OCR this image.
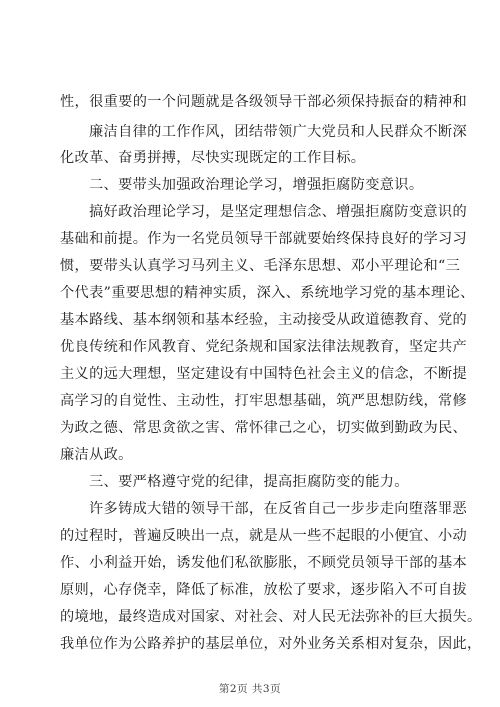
性，很重要的一个问题就是各级领导干部必须保持振奋的精神和
廉洁自律的工作作风，团结带领广大党员和人民群众不断深
化改革、奋勇拼搏，尽快实现既定的工作目标。
二、要带头加强政治理论学习，增强拒腐防变意识。
搞好政治理论学习，是坚定理想信念、增强拒腐防变意识的
基础和前提。作为一名党员领导干部就要始终保持良好的学习习
惯，要带头认真学习马列主义、毛泽东思想、邓小平理论和“三
个代表”重要思想的精神实质，深入、系统地学习党的基本理论、
基本路线、基本纲领和基本经验，主动接受从政道德教育、党的
优良传统和作风教育、党纪条规和国家法律法规教育，坚定共产
主义的远大理想，坚定建设有中国特色社会主义的信念，不断提
高学习的自觉性、主动性，打牢思想基础，筑严思想防线，常修
为政之德、常思贪欲之害、常怀律己之心，切实做到勤政为民、
廉洁从政。
三、要严格遵守党的纪律，提高拒腐防变的能力。
许多铸成大错的领导干部，在反省自己一步步走向堕落罪恶
的过程时，普遍反映出一点，就是从一些不起眼的小便宜、小动
作、小利益开始，诱发他们私欲膨胀，不顾党员领导干部的基本
原则，心存侥幸，降低了标准，放松了要求，逐步陷入不可自拔
的境地，最终造成对国家、对社会、对人民无法弥补的巨大损失。
我单位作为公路养护的基层单位，对外业务关系相对复杂，因此，
第2页 共3页
